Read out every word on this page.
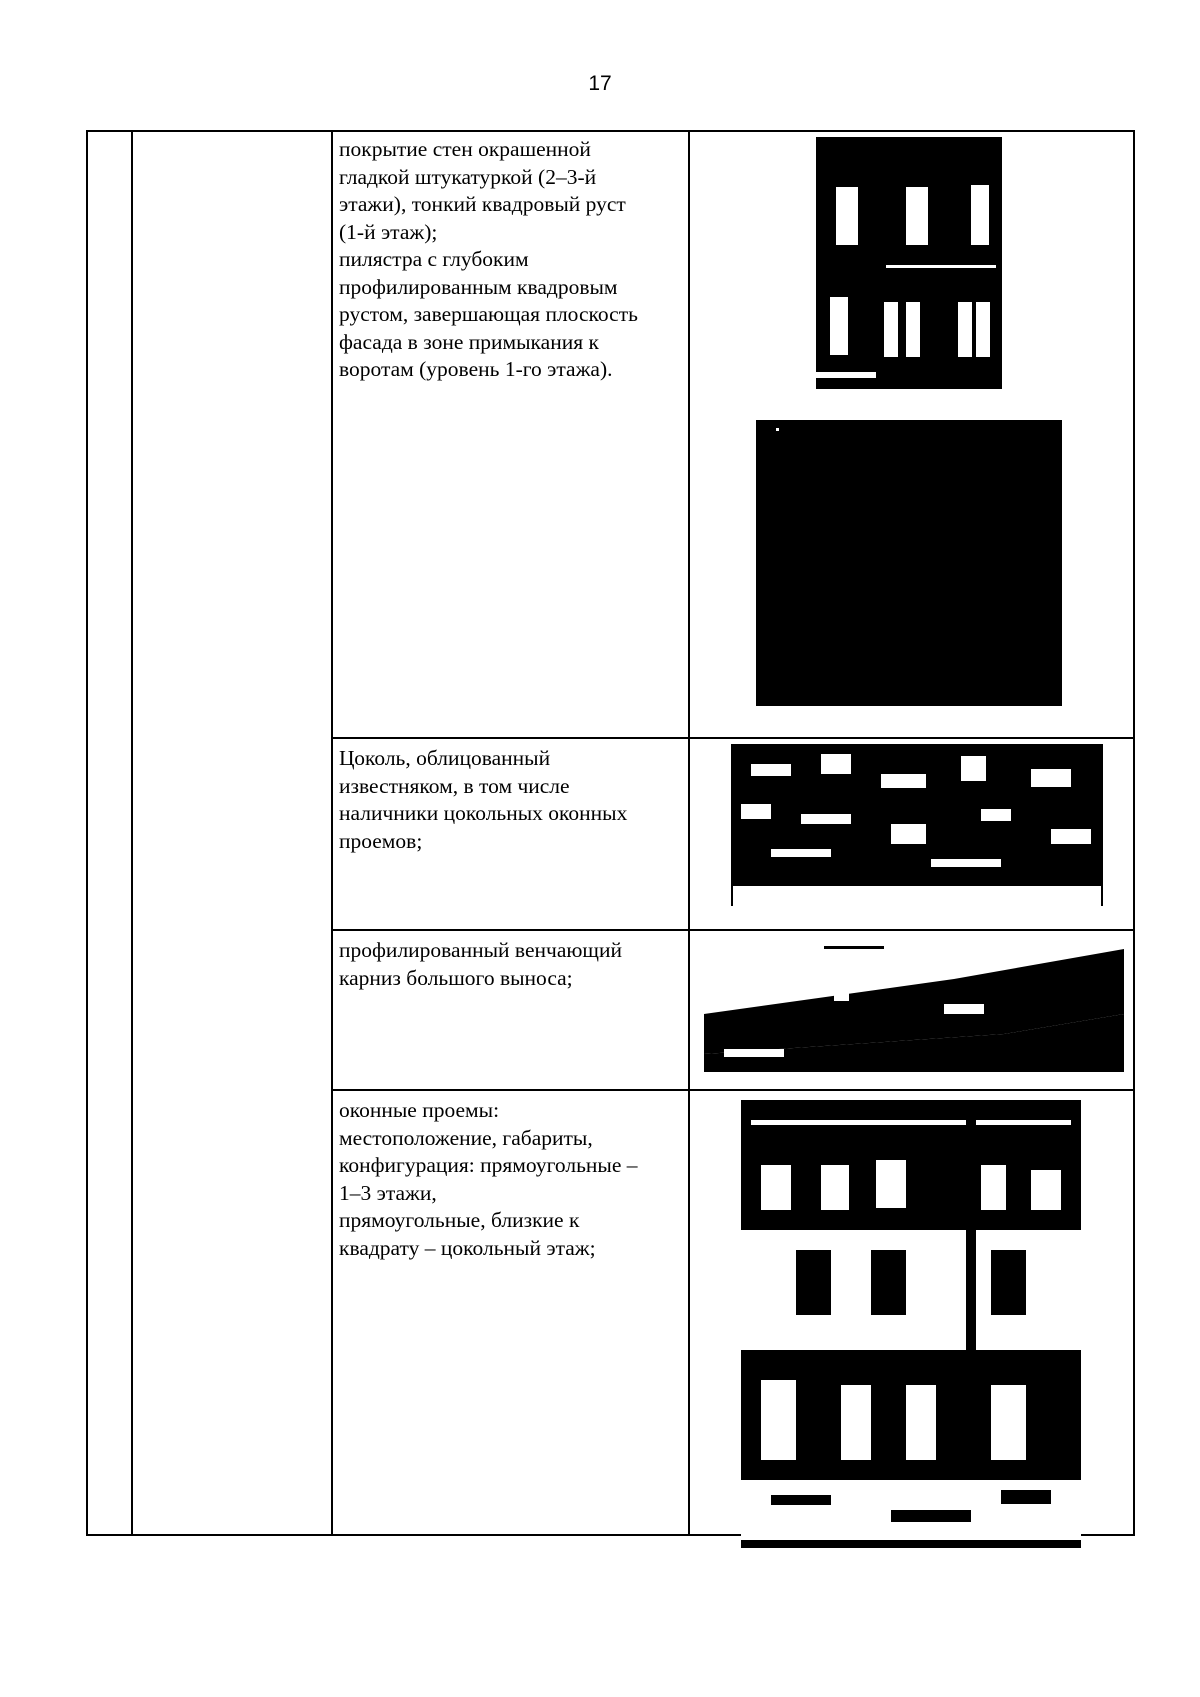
17
покрытие стен окрашенной
гладкой штукатуркой (2–3-й
этажи), тонкий квадровый руст
(1-й этаж);
пилястра с глубоким
профилированным квадровым
рустом, завершающая плоскость
фасада в зоне примыкания к
воротам (уровень 1-го этажа).
Цоколь, облицованный
известняком, в том числе
наличники цокольных оконных
проемов;
профилированный венчающий
карниз большого выноса;
оконные проемы:
местоположение, габариты,
конфигурация: прямоугольные –
1–3 этажи,
прямоугольные, близкие к
квадрату – цокольный этаж;
